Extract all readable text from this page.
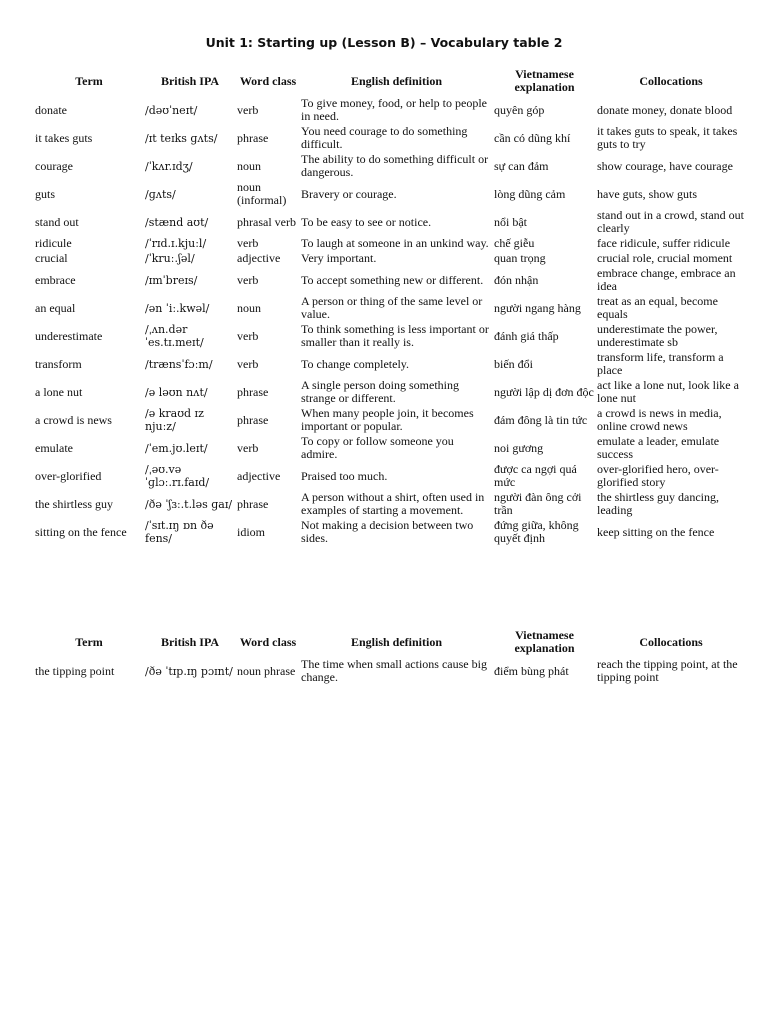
Unit 1: Starting up (Lesson B) – Vocabulary table 2
Term	British IPA	Word class	English definition	Vietnamese explanation	Collocations
donate	/dəʊˈneɪt/	verb	To give money, food, or help to people in need.	quyên góp	donate money, donate blood
it takes guts	/ɪt teɪks ɡʌts/	phrase	You need courage to do something difficult.	cần có dũng khí	it takes guts to speak, it takes guts to try
courage	/ˈkʌr.ɪdʒ/	noun	The ability to do something difficult or dangerous.	sự can đảm	show courage, have courage
guts	/ɡʌts/	noun (informal)	Bravery or courage.	lòng dũng cảm	have guts, show guts
stand out	/stænd aʊt/	phrasal verb	To be easy to see or notice.	nổi bật	stand out in a crowd, stand out clearly
ridicule	/ˈrɪd.ɪ.kjuːl/	verb	To laugh at someone in an unkind way.	chế giễu	face ridicule, suffer ridicule
crucial	/ˈkruː.ʃəl/	adjective	Very important.	quan trọng	crucial role, crucial moment
embrace	/ɪmˈbreɪs/	verb	To accept something new or different.	đón nhận	embrace change, embrace an idea
an equal	/ən ˈiː.kwəl/	noun	A person or thing of the same level or value.	người ngang hàng	treat as an equal, become equals
underestimate	/ˌʌn.dərˈes.tɪ.meɪt/	verb	To think something is less important or smaller than it really is.	đánh giá thấp	underestimate the power, underestimate sb
transform	/trænsˈfɔːm/	verb	To change completely.	biến đổi	transform life, transform a place
a lone nut	/ə ləʊn nʌt/	phrase	A single person doing something strange or different.	người lập dị đơn độc	act like a lone nut, look like a lone nut
a crowd is news	/ə kraʊd ɪz njuːz/	phrase	When many people join, it becomes important or popular.	đám đông là tin tức	a crowd is news in media, online crowd news
emulate	/ˈem.jʊ.leɪt/	verb	To copy or follow someone you admire.	noi gương	emulate a leader, emulate success
over-glorified	/ˌəʊ.vəˈɡlɔː.rɪ.faɪd/	adjective	Praised too much.	được ca ngợi quá mức	over-glorified hero, over-glorified story
the shirtless guy	/ðə ˈʃɜː.t.ləs ɡaɪ/	phrase	A person without a shirt, often used in examples of starting a movement.	người đàn ông cởi trần	the shirtless guy dancing, leading
sitting on the fence	/ˈsɪt.ɪŋ ɒn ðə fens/	idiom	Not making a decision between two sides.	đứng giữa, không quyết định	keep sitting on the fence
Term	British IPA	Word class	English definition	Vietnamese explanation	Collocations
the tipping point	/ðə ˈtɪp.ɪŋ pɔɪnt/	noun phrase	The time when small actions cause big change.	điểm bùng phát	reach the tipping point, at the tipping point
